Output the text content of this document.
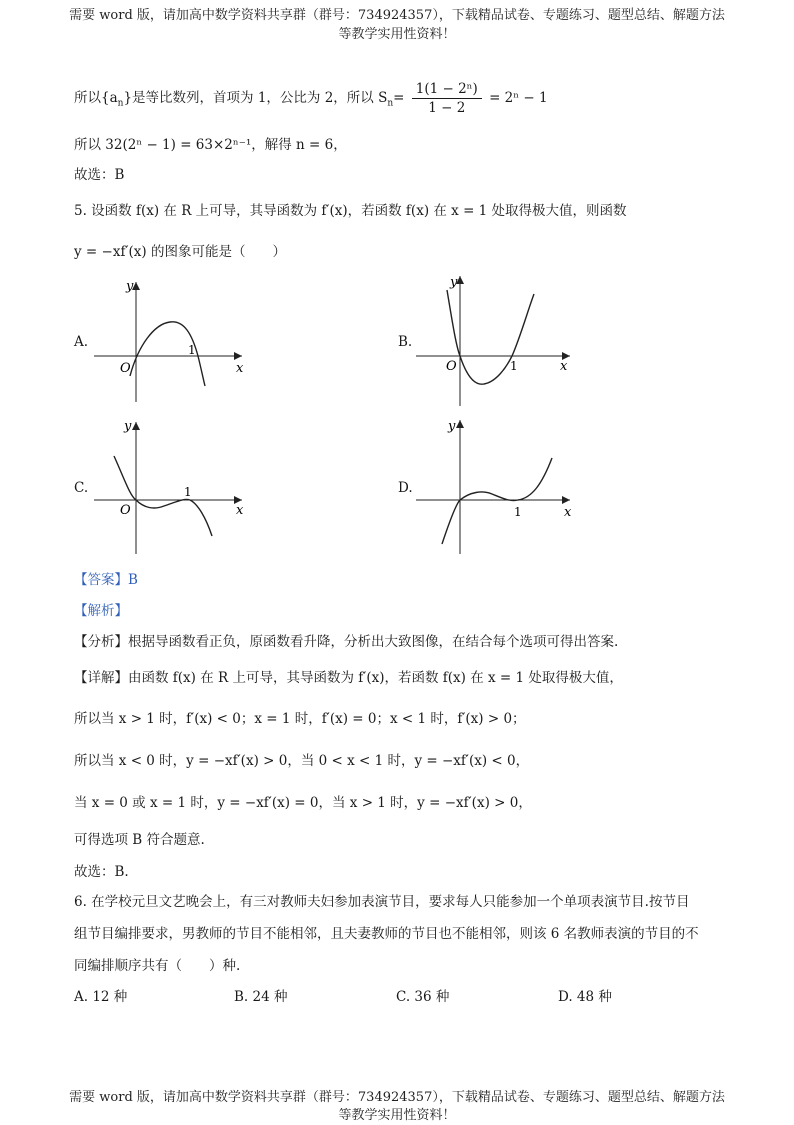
需要 word 版，请加高中数学资料共享群（群号：734924357），下载精品试卷、专题练习、题型总结、解题方法
等教学实用性资料！
所以$\{a_n\}$是等比数列，首项为 1，公比为 2，所以 $S_n= \frac{\text{1(1 − 2ⁿ)}}{1 - 2} = 2^n - 1$
所以 32(2ⁿ − 1) = 63×2ⁿ⁻¹，解得 n = 6，
故选：B
5. 设函数 f(x) 在 R 上可导，其导函数为 f′(x)，若函数 f(x) 在 x = 1 处取得极大值，则函数
y = −xf′(x) 的图象可能是（　　）
A.
y
x
O
1	B.
y
x
O	1
C.
y
x
O
1	D.
y
x
1
【答案】B
【解析】
【分析】根据导函数看正负，原函数看升降，分析出大致图像，在结合每个选项可得出答案.
【详解】由函数 f(x) 在 R 上可导，其导函数为 f′(x)，若函数 f(x) 在 x = 1 处取得极大值，
所以当 x > 1 时，f′(x) < 0；x = 1 时，f′(x) = 0；x < 1 时，f′(x) > 0；
所以当 x < 0 时，y = −xf′(x) > 0，当 0 < x < 1 时，y = −xf′(x) < 0，
当 x = 0 或 x = 1 时，y = −xf′(x) = 0，当 x > 1 时，y = −xf′(x) > 0，
可得选项 B 符合题意.
故选：B.
6. 在学校元旦文艺晚会上，有三对教师夫妇参加表演节目，要求每人只能参加一个单项表演节目.按节目
组节目编排要求，男教师的节目不能相邻，且夫妻教师的节目也不能相邻，则该 6 名教师表演的节目的不
同编排顺序共有（　　）种.
A. 12 种	B. 24 种	C. 36 种	D. 48 种
需要 word 版，请加高中数学资料共享群（群号：734924357），下载精品试卷、专题练习、题型总结、解题方法
等教学实用性资料！
